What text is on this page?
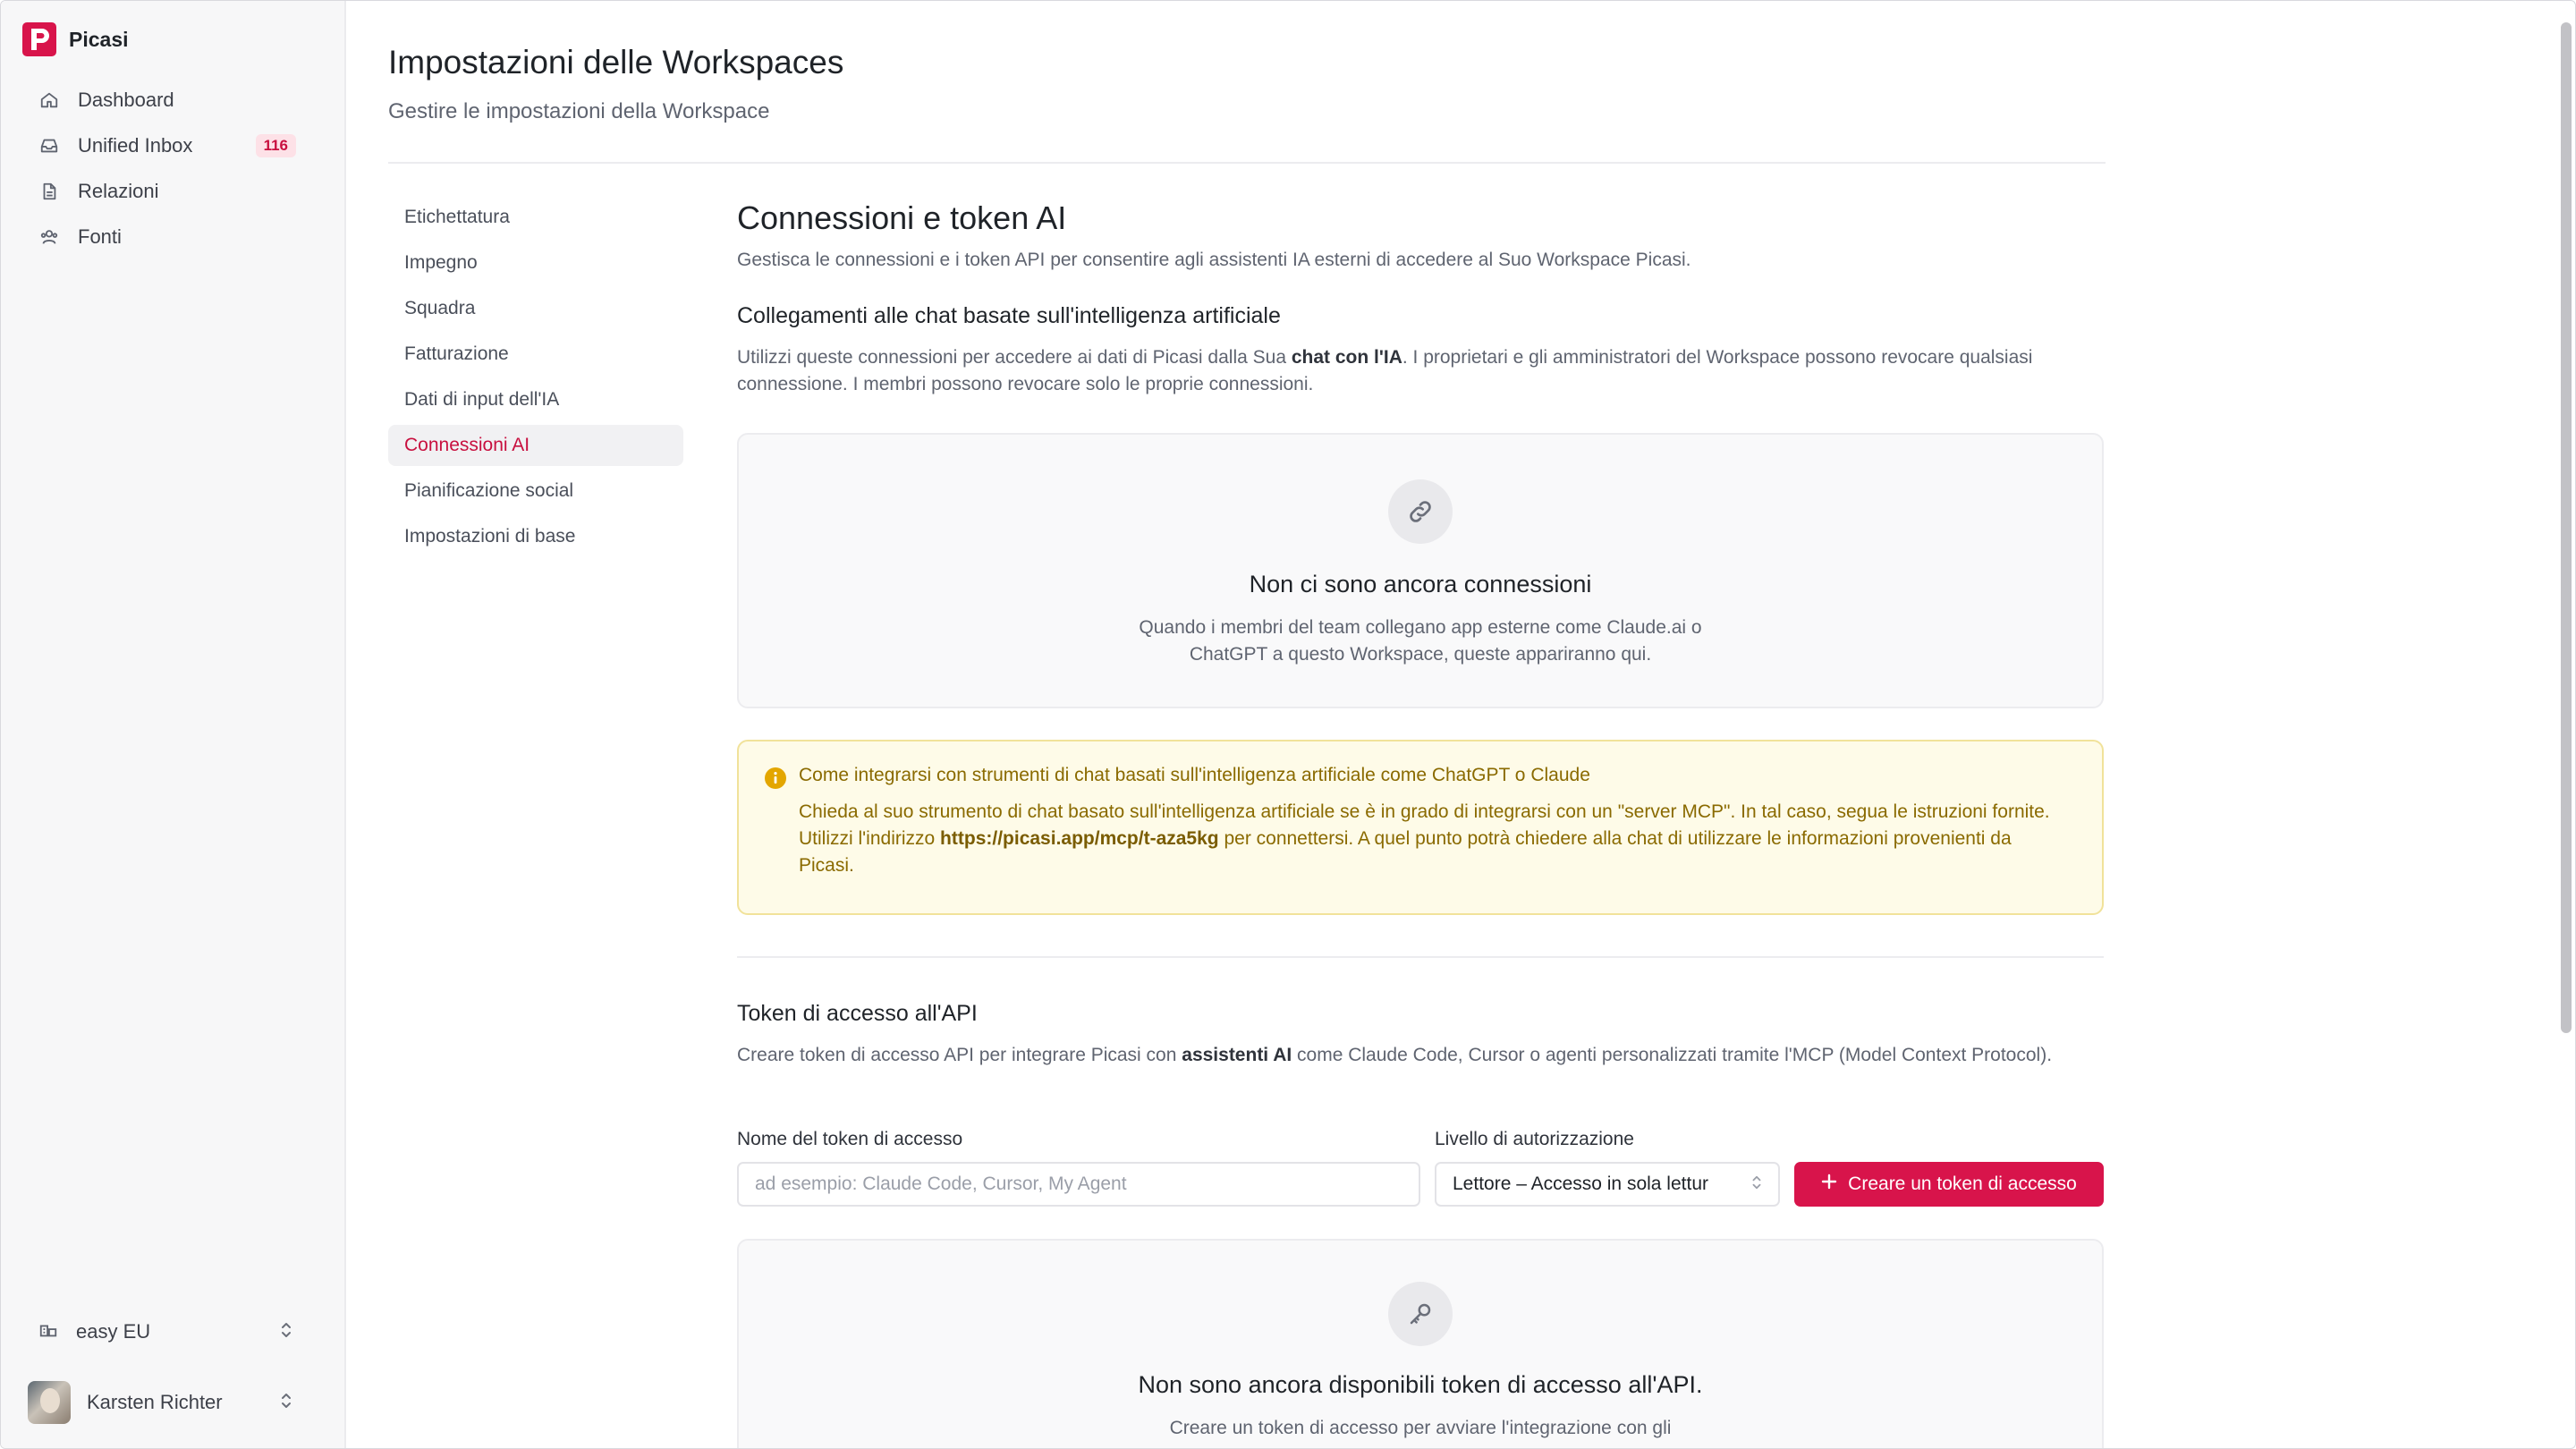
Picasi
Dashboard
Unified Inbox	116
Relazioni
Fonti
easy EU
Karsten Richter
Impostazioni delle Workspaces
Gestire le impostazioni della Workspace
Etichettatura
Impegno
Squadra
Fatturazione
Dati di input dell'IA
Connessioni AI
Pianificazione social
Impostazioni di base
Connessioni e token AI
Gestisca le connessioni e i token API per consentire agli assistenti IA esterni di accedere al Suo Workspace Picasi.
Collegamenti alle chat basate sull'intelligenza artificiale
Utilizzi queste connessioni per accedere ai dati di Picasi dalla Sua chat con l'IA. I proprietari e gli amministratori del Workspace possono revocare qualsiasi connessione. I membri possono revocare solo le proprie connessioni.
Non ci sono ancora connessioni
Quando i membri del team collegano app esterne come Claude.ai o
ChatGPT a questo Workspace, queste appariranno qui.
Come integrarsi con strumenti di chat basati sull'intelligenza artificiale come ChatGPT o Claude
Chieda al suo strumento di chat basato sull'intelligenza artificiale se è in grado di integrarsi con un "server MCP". In tal caso, segua le istruzioni fornite. Utilizzi l'indirizzo https://picasi.app/mcp/t-aza5kg per connettersi. A quel punto potrà chiedere alla chat di utilizzare le informazioni provenienti da Picasi.
Token di accesso all'API
Creare token di accesso API per integrare Picasi con assistenti AI come Claude Code, Cursor o agenti personalizzati tramite l'MCP (Model Context Protocol).
Nome del token di accesso	Livello di autorizzazione
ad esempio: Claude Code, Cursor, My Agent
Lettore – Accesso in sola lettur	Creare un token di accesso
Non sono ancora disponibili token di accesso all'API.
Creare un token di accesso per avviare l'integrazione con gli
